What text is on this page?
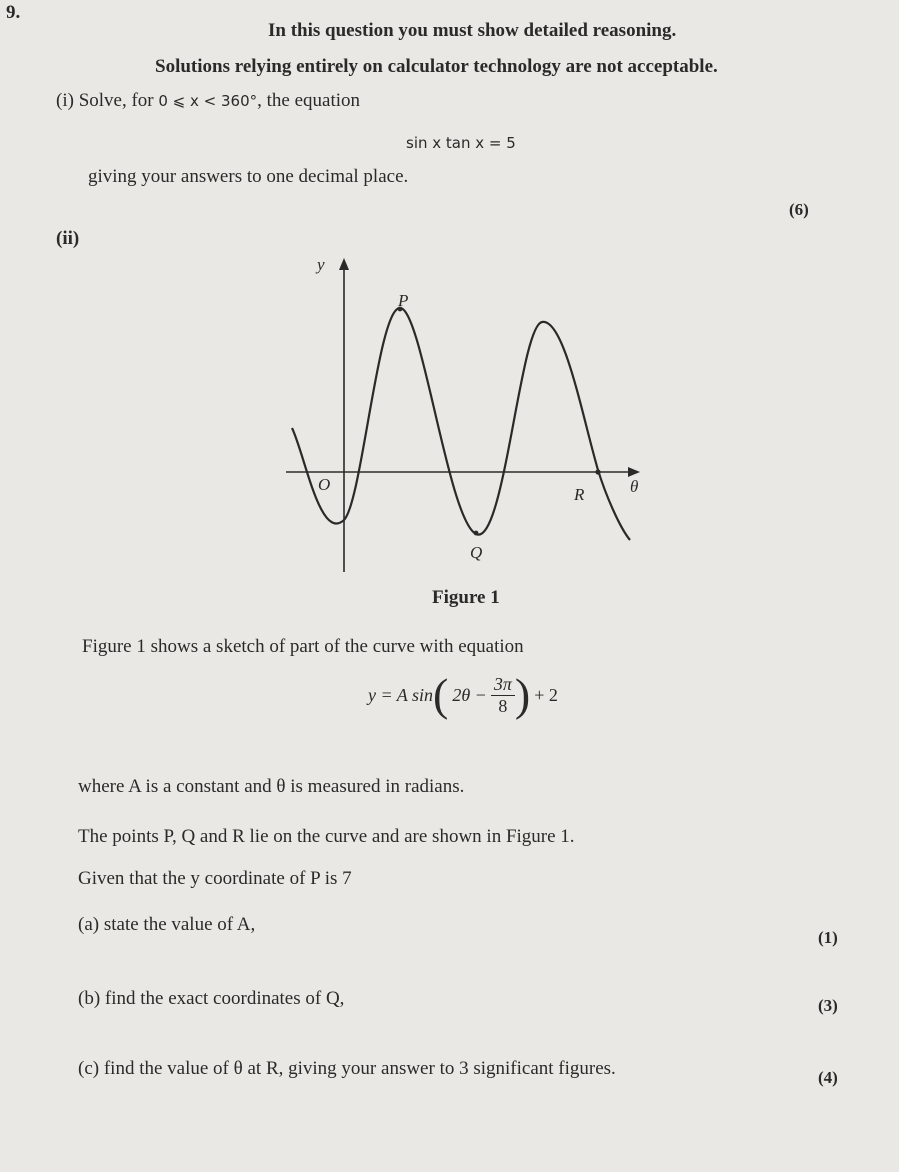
9.
In this question you must show detailed reasoning.
Solutions relying entirely on calculator technology are not acceptable.
(i) Solve, for 0 ⩽ x < 360°, the equation
sin x tan x = 5
giving your answers to one decimal place.
(6)
(ii)
y
θ
O
P
Q
R
Figure 1
Figure 1 shows a sketch of part of the curve with equation
y = A sin ( $2\theta - \frac{3\pi}{8}$ ) + 2
where A is a constant and θ is measured in radians.
The points P, Q and R lie on the curve and are shown in Figure 1.
Given that the y coordinate of P is 7
(a) state the value of A,
(1)
(b) find the exact coordinates of Q,	(3)
(c) find the value of θ at R, giving your answer to 3 significant figures.	(4)
